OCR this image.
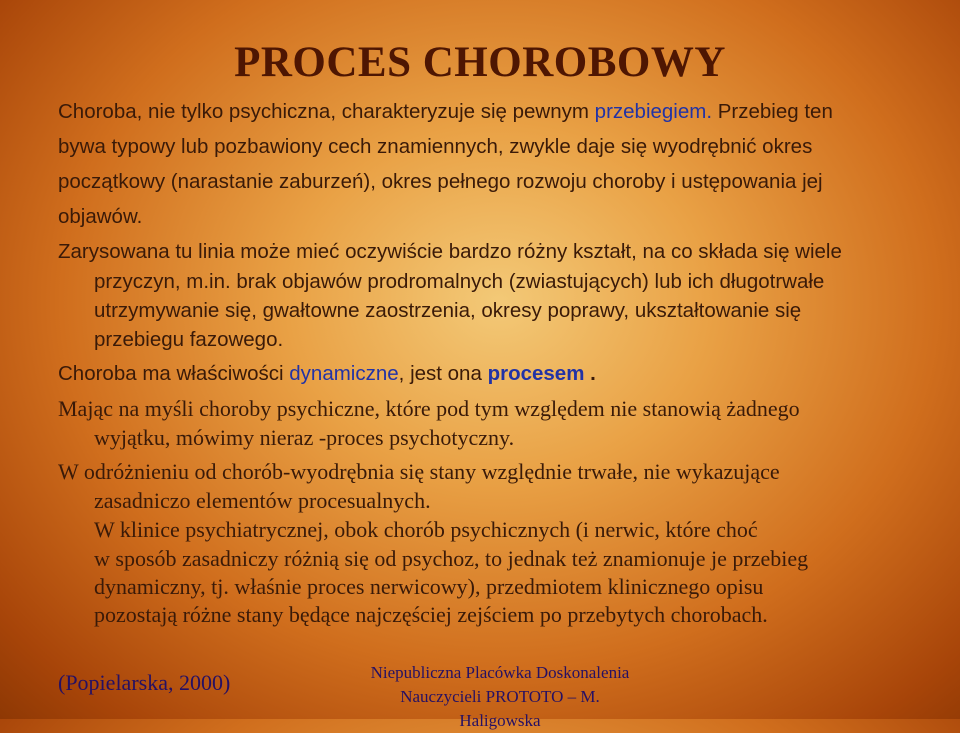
PROCES CHOROBOWY
Choroba, nie tylko psychiczna, charakteryzuje się pewnym przebiegiem. Przebieg ten
bywa typowy lub pozbawiony cech znamiennych, zwykle daje się wyodrębnić okres
początkowy (narastanie zaburzeń), okres pełnego rozwoju choroby i ustępowania jej
objawów.
Zarysowana tu linia może mieć oczywiście bardzo różny kształt, na co składa się wiele
przyczyn, m.in. brak objawów prodromalnych (zwiastujących) lub ich długotrwałe
utrzymywanie się, gwałtowne zaostrzenia, okresy poprawy, ukształtowanie się
przebiegu fazowego.
Choroba ma właściwości dynamiczne, jest ona procesem .
Mając na myśli choroby psychiczne, które pod tym względem nie stanowią żadnego
wyjątku, mówimy nieraz -proces psychotyczny.
W odróżnieniu od chorób-wyodrębnia się stany względnie trwałe, nie wykazujące
zasadniczo elementów procesualnych.
W klinice psychiatrycznej, obok chorób psychicznych (i nerwic, które choć
w sposób zasadniczy różnią się od psychoz, to jednak też znamionuje je przebieg
dynamiczny, tj. właśnie proces nerwicowy), przedmiotem klinicznego opisu
pozostają różne stany będące najczęściej zejściem po przebytych chorobach.
(Popielarska, 2000)	Niepubliczna Placówka Doskonalenia
Nauczycieli PROTOTO – M.
Haligowska
